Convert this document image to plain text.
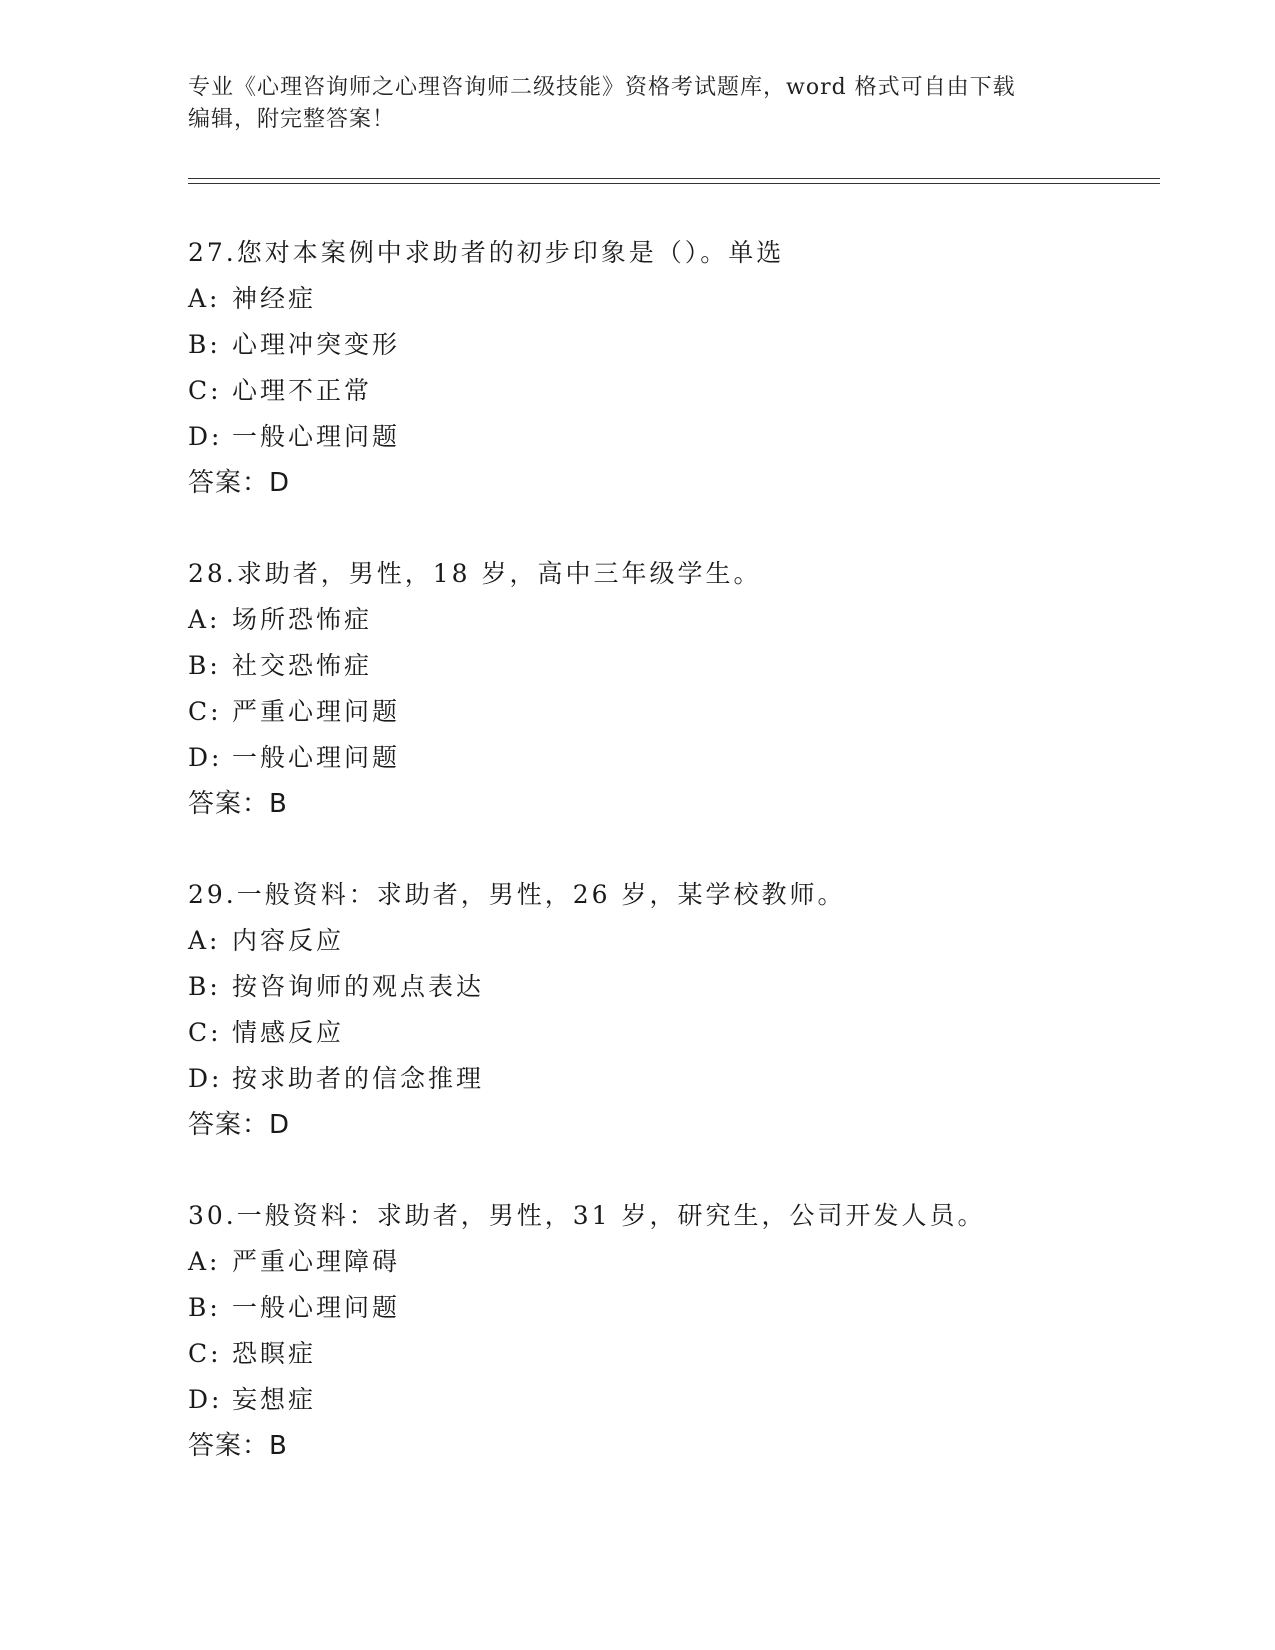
专业《心理咨询师之心理咨询师二级技能》资格考试题库，word 格式可自由下载
编辑，附完整答案！
27.您对本案例中求助者的初步印象是（）。单选
A: 神经症
B: 心理冲突变形
C: 心理不正常
D: 一般心理问题
答案：D
28.求助者，男性，18 岁，高中三年级学生。
A: 场所恐怖症
B: 社交恐怖症
C: 严重心理问题
D: 一般心理问题
答案：B
29.一般资料：求助者，男性，26 岁，某学校教师。
A: 内容反应
B: 按咨询师的观点表达
C: 情感反应
D: 按求助者的信念推理
答案：D
30.一般资料：求助者，男性，31 岁，研究生，公司开发人员。
A: 严重心理障碍
B: 一般心理问题
C: 恐瞑症
D: 妄想症
答案：B
